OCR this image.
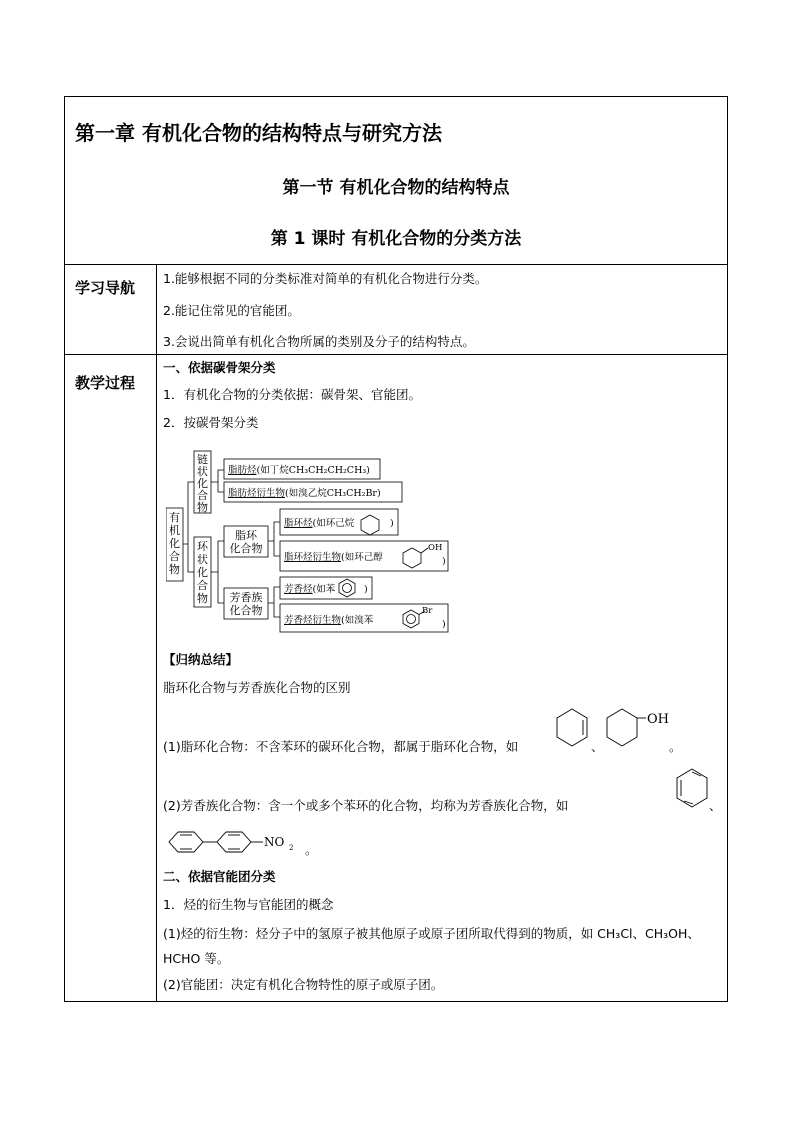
第一章 有机化合物的结构特点与研究方法
第一节 有机化合物的结构特点
第 1 课时 有机化合物的分类方法
学习导航
1.能够根据不同的分类标准对简单的有机化合物进行分类。
2.能记住常见的官能团。
3.会说出简单有机化合物所属的类别及分子的结构特点。
教学过程
一、依据碳骨架分类
1．有机化合物的分类依据：碳骨架、官能团。
2．按碳骨架分类
有
机
化
合
物
链
状
化
合
物
环
状
化
合
物
脂环
化合物
芳香族
化合物
脂肪烃(如丁烷CH₃CH₂CH₂CH₃)
脂肪烃衍生物(如溴乙烷CH₃CH₂Br)
脂环烃(如环己烷	)
脂环烃衍生物(如环己醇
OH
)
芳香烃(如苯	)
芳香烃衍生物(如溴苯
Br
)
【归纳总结】
脂环化合物与芳香族化合物的区别
(1)脂环化合物：不含苯环的碳环化合物，都属于脂环化合物，如	、
OH
。
(2)芳香族化合物：含一个或多个苯环的化合物，均称为芳香族化合物，如	、
NO 2 。
二、依据官能团分类
1．烃的衍生物与官能团的概念
(1)烃的衍生物：烃分子中的氢原子被其他原子或原子团所取代得到的物质，如 CH₃Cl、CH₃OH、
HCHO 等。
(2)官能团：决定有机化合物特性的原子或原子团。
